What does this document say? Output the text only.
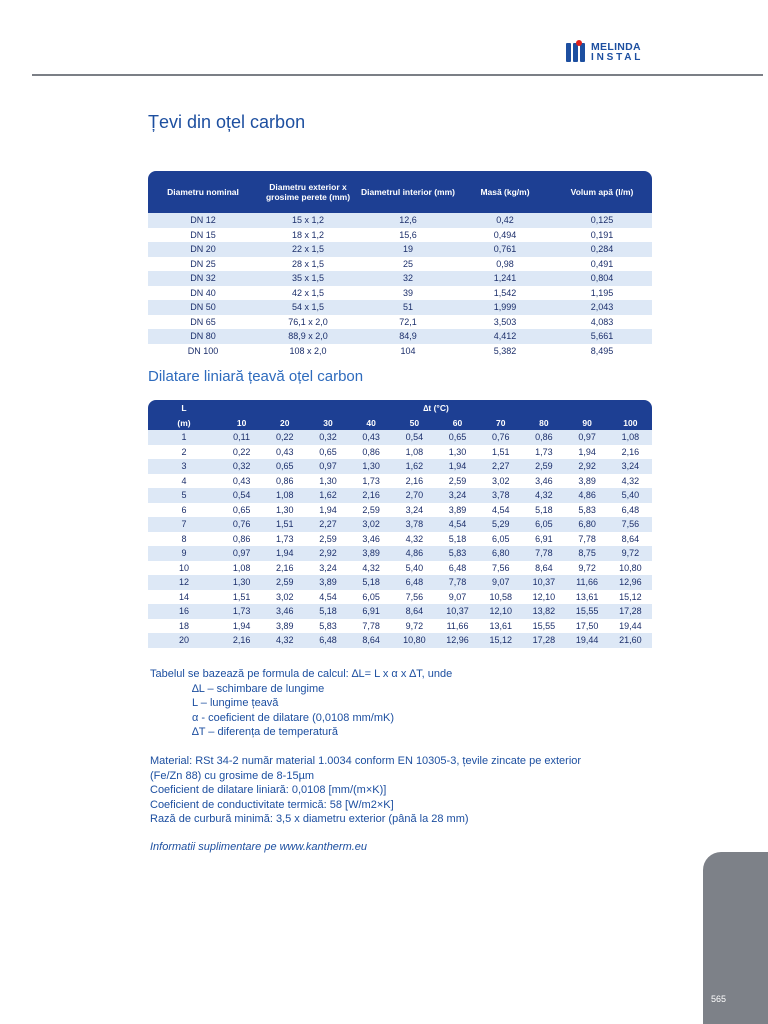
MELINDA
INSTAL
Țevi din oțel carbon
Diametru nominal	Diametru exterior x grosime perete (mm)	Diametrul interior (mm)	Masă (kg/m)	Volum apă (l/m)
DN 12	15 x 1,2	12,6	0,42	0,125
DN 15	18 x 1,2	15,6	0,494	0,191
DN 20	22 x 1,5	19	0,761	0,284
DN 25	28 x 1,5	25	0,98	0,491
DN 32	35 x 1,5	32	1,241	0,804
DN 40	42 x 1,5	39	1,542	1,195
DN 50	54 x 1,5	51	1,999	2,043
DN 65	76,1 x 2,0	72,1	3,503	4,083
DN 80	88,9 x 2,0	84,9	4,412	5,661
DN 100	108 x 2,0	104	5,382	8,495
Dilatare liniară țeavă oțel carbon
L	∆t (°C)									
(m)	10	20	30	40	50	60	70	80	90	100
1	0,11	0,22	0,32	0,43	0,54	0,65	0,76	0,86	0,97	1,08
2	0,22	0,43	0,65	0,86	1,08	1,30	1,51	1,73	1,94	2,16
3	0,32	0,65	0,97	1,30	1,62	1,94	2,27	2,59	2,92	3,24
4	0,43	0,86	1,30	1,73	2,16	2,59	3,02	3,46	3,89	4,32
5	0,54	1,08	1,62	2,16	2,70	3,24	3,78	4,32	4,86	5,40
6	0,65	1,30	1,94	2,59	3,24	3,89	4,54	5,18	5,83	6,48
7	0,76	1,51	2,27	3,02	3,78	4,54	5,29	6,05	6,80	7,56
8	0,86	1,73	2,59	3,46	4,32	5,18	6,05	6,91	7,78	8,64
9	0,97	1,94	2,92	3,89	4,86	5,83	6,80	7,78	8,75	9,72
10	1,08	2,16	3,24	4,32	5,40	6,48	7,56	8,64	9,72	10,80
12	1,30	2,59	3,89	5,18	6,48	7,78	9,07	10,37	11,66	12,96
14	1,51	3,02	4,54	6,05	7,56	9,07	10,58	12,10	13,61	15,12
16	1,73	3,46	5,18	6,91	8,64	10,37	12,10	13,82	15,55	17,28
18	1,94	3,89	5,83	7,78	9,72	11,66	13,61	15,55	17,50	19,44
20	2,16	4,32	6,48	8,64	10,80	12,96	15,12	17,28	19,44	21,60
Tabelul se bazează pe formula de calcul: ∆L= L x α x ∆T, unde
∆L – schimbare de lungime
L – lungime țeavă
α - coeficient de dilatare (0,0108 mm/mK)
∆T – diferența de temperatură
Material: RSt 34-2 număr material 1.0034 conform EN 10305-3, țevile zincate pe exterior
(Fe/Zn 88) cu grosime de 8-15µm
Coeficient de dilatare liniară: 0,0108 [mm/(m×K)]
Coeficient de conductivitate termică: 58 [W/m2×K]
Rază de curbură minimă: 3,5 x diametru exterior (până la 28 mm)
Informatii suplimentare pe www.kantherm.eu
565
